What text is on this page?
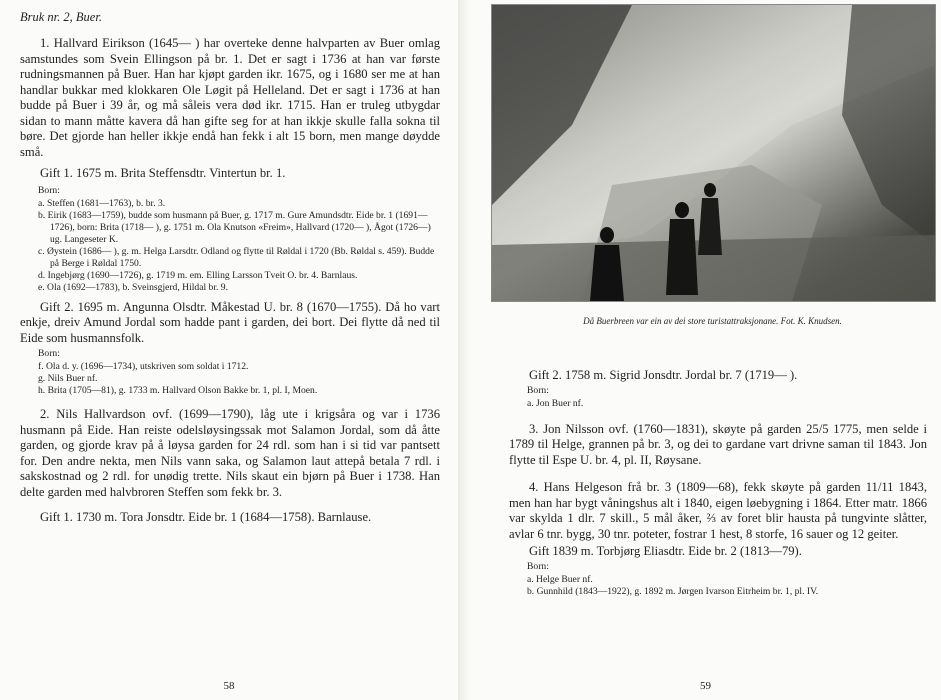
Bruk nr. 2, Buer.

1. Hallvard Eirikson (1645— ) har overteke denne halvparten av Buer omlag samstundes som Svein Ellingson på br. 1. Det er sagt i 1736 at han var første rudningsmannen på Buer. Han har kjøpt garden ikr. 1675, og i 1680 ser me at han handlar bukkar med klokkaren Ole Løgit på Helleland. Det er sagt i 1736 at han budde på Buer i 39 år, og må såleis vera død ikr. 1715. Han er truleg utbygdar sidan to mann måtte kavera då han gifte seg for at han ikkje skulle falla sokna til børe. Det gjorde han heller ikkje endå han fekk i alt 15 born, men mange døydde små.

Gift 1. 1675 m. Brita Steffensdtr. Vintertun br. 1.

Born:
a. Steffen (1681—1763), b. br. 3.
b. Eirik (1683—1759), budde som husmann på Buer, g. 1717 m. Gure Amundsdtr. Eide br. 1 (1691—1726), born: Brita (1718— ), g. 1751 m. Ola Knutson «Freim», Hallvard (1720— ), Ågot (1726—) ug. Langeseter K.
c. Øystein (1686— ), g. m. Helga Larsdtr. Odland og flytte til Røldal i 1720 (Bb. Røldal s. 459). Budde på Berge i Røldal 1750.
d. Ingebjørg (1690—1726), g. 1719 m. em. Elling Larsson Tveit O. br. 4. Barnlaus.
e. Ola (1692—1783), b. Sveinsgjerd, Hildal br. 9.

Gift 2. 1695 m. Angunna Olsdtr. Måkestad U. br. 8 (1670—1755). Då ho vart enkje, dreiv Amund Jordal som hadde pant i garden, dei bort. Dei flytte då ned til Eide som husmannsfolk.

Born:
f. Ola d. y. (1696—1734), utskriven som soldat i 1712.
g. Nils Buer nf.
h. Brita (1705—81), g. 1733 m. Hallvard Olson Bakke br. 1, pl. I, Moen.

2. Nils Hallvardson ovf. (1699—1790), låg ute i krigsåra og var i 1736 husmann på Eide. Han reiste odelsløysingssak mot Salamon Jordal, som då åtte garden, og gjorde krav på å løysa garden for 24 rdl. som han i si tid var pantsett for. Den andre nekta, men Nils vann saka, og Salamon laut attepå betala 7 rdl. i sakskostnad og 2 rdl. for unødig trette. Nils skaut ein bjørn på Buer i 1738. Han delte garden med halvbroren Steffen som fekk br. 3.

Gift 1. 1730 m. Tora Jonsdtr. Eide br. 1 (1684—1758). Barnlause.

58
Då Buerbreen var ein av dei store turistattraksjonane. Fot. K. Knudsen.

Gift 2. 1758 m. Sigrid Jonsdtr. Jordal br. 7 (1719— ).

Born:
a. Jon Buer nf.

3. Jon Nilsson ovf. (1760—1831), skøyte på garden 25/5 1775, men selde i 1789 til Helge, grannen på br. 3, og dei to gardane vart drivne saman til 1843. Jon flytte til Espe U. br. 4, pl. II, Røysane.

4. Hans Helgeson frå br. 3 (1809—68), fekk skøyte på garden 11/11 1843, men han har bygt våningshus alt i 1840, eigen løebygning i 1864. Etter matr. 1866 var skylda 1 dlr. 7 skill., 5 mål åker, ⅔ av foret blir hausta på tungvinte slåtter, avlar 6 tnr. bygg, 30 tnr. poteter, fostrar 1 hest, 8 storfe, 16 sauer og 12 geiter.

Gift 1839 m. Torbjørg Eliasdtr. Eide br. 2 (1813—79).

Born:
a. Helge Buer nf.
b. Gunnhild (1843—1922), g. 1892 m. Jørgen Ivarson Eitrheim br. 1, pl. IV.
59
